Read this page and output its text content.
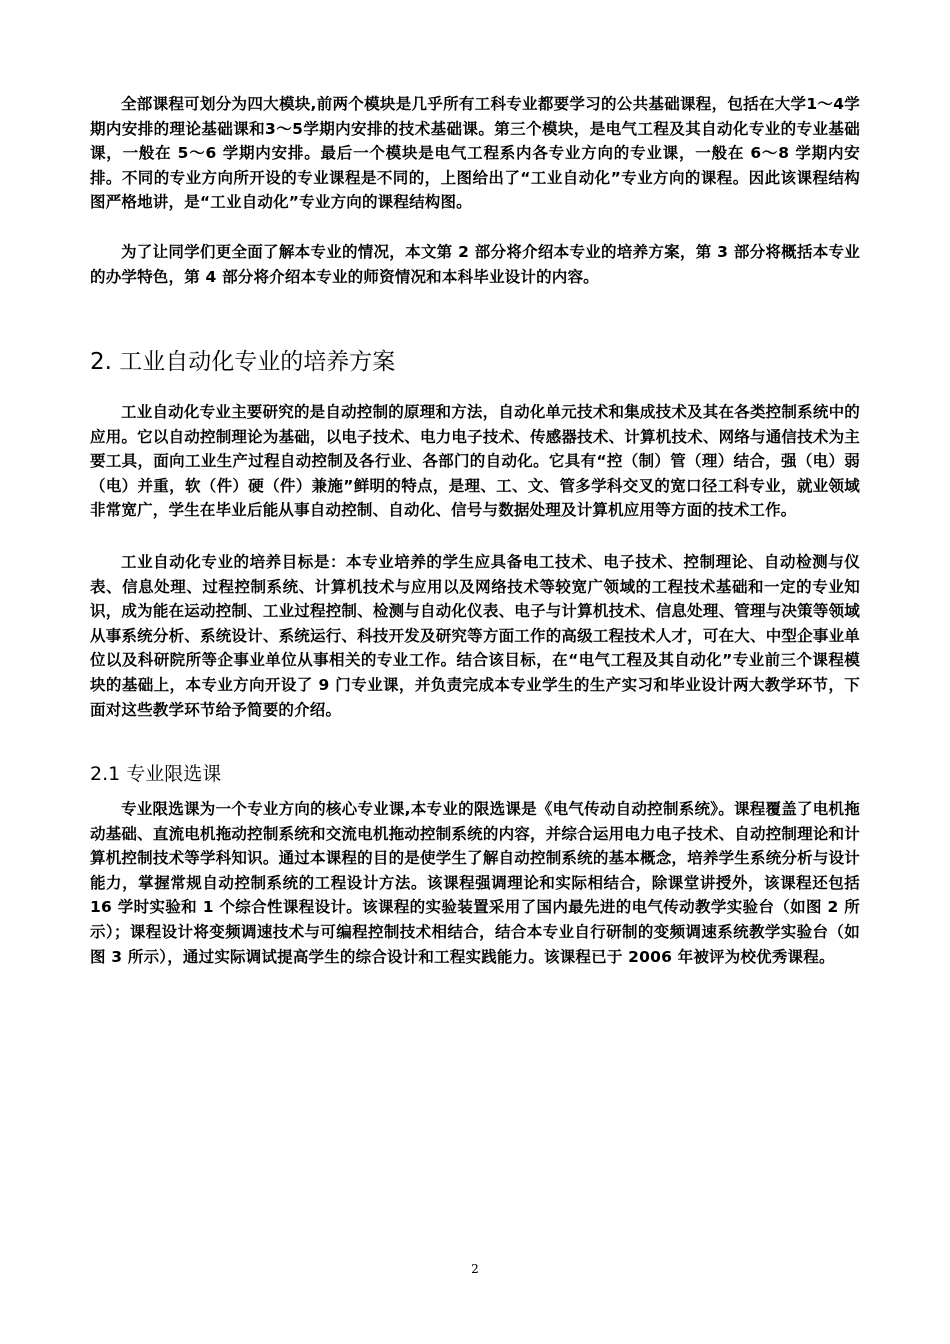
全部课程可划分为四大模块,前两个模块是几乎所有工科专业都要学习的公共基础课程，包括在大学1～4学期内安排的理论基础课和3～5学期内安排的技术基础课。第三个模块，是电气工程及其自动化专业的专业基础课，一般在 5～6 学期内安排。最后一个模块是电气工程系内各专业方向的专业课，一般在 6～8 学期内安排。不同的专业方向所开设的专业课程是不同的，上图给出了“工业自动化”专业方向的课程。因此该课程结构图严格地讲，是“工业自动化”专业方向的课程结构图。

为了让同学们更全面了解本专业的情况，本文第 2 部分将介绍本专业的培养方案，第 3 部分将概括本专业的办学特色，第 4 部分将介绍本专业的师资情况和本科毕业设计的内容。

2. 工业自动化专业的培养方案

工业自动化专业主要研究的是自动控制的原理和方法，自动化单元技术和集成技术及其在各类控制系统中的应用。它以自动控制理论为基础，以电子技术、电力电子技术、传感器技术、计算机技术、网络与通信技术为主要工具，面向工业生产过程自动控制及各行业、各部门的自动化。它具有“控（制）管（理）结合，强（电）弱（电）并重，软（件）硬（件）兼施”鲜明的特点，是理、工、文、管多学科交叉的宽口径工科专业，就业领域非常宽广，学生在毕业后能从事自动控制、自动化、信号与数据处理及计算机应用等方面的技术工作。

工业自动化专业的培养目标是：本专业培养的学生应具备电工技术、电子技术、控制理论、自动检测与仪表、信息处理、过程控制系统、计算机技术与应用以及网络技术等较宽广领域的工程技术基础和一定的专业知识，成为能在运动控制、工业过程控制、检测与自动化仪表、电子与计算机技术、信息处理、管理与决策等领域从事系统分析、系统设计、系统运行、科技开发及研究等方面工作的高级工程技术人才，可在大、中型企事业单位以及科研院所等企事业单位从事相关的专业工作。结合该目标，在“电气工程及其自动化”专业前三个课程模块的基础上，本专业方向开设了 9 门专业课，并负责完成本专业学生的生产实习和毕业设计两大教学环节，下面对这些教学环节给予简要的介绍。

2.1 专业限选课

专业限选课为一个专业方向的核心专业课,本专业的限选课是《电气传动自动控制系统》。课程覆盖了电机拖动基础、直流电机拖动控制系统和交流电机拖动控制系统的内容，并综合运用电力电子技术、自动控制理论和计算机控制技术等学科知识。通过本课程的目的是使学生了解自动控制系统的基本概念，培养学生系统分析与设计能力，掌握常规自动控制系统的工程设计方法。该课程强调理论和实际相结合，除课堂讲授外，该课程还包括 16 学时实验和 1 个综合性课程设计。该课程的实验装置采用了国内最先进的电气传动教学实验台（如图 2 所示）；课程设计将变频调速技术与可编程控制技术相结合，结合本专业自行研制的变频调速系统教学实验台（如图 3 所示），通过实际调试提高学生的综合设计和工程实践能力。该课程已于 2006 年被评为校优秀课程。

2
